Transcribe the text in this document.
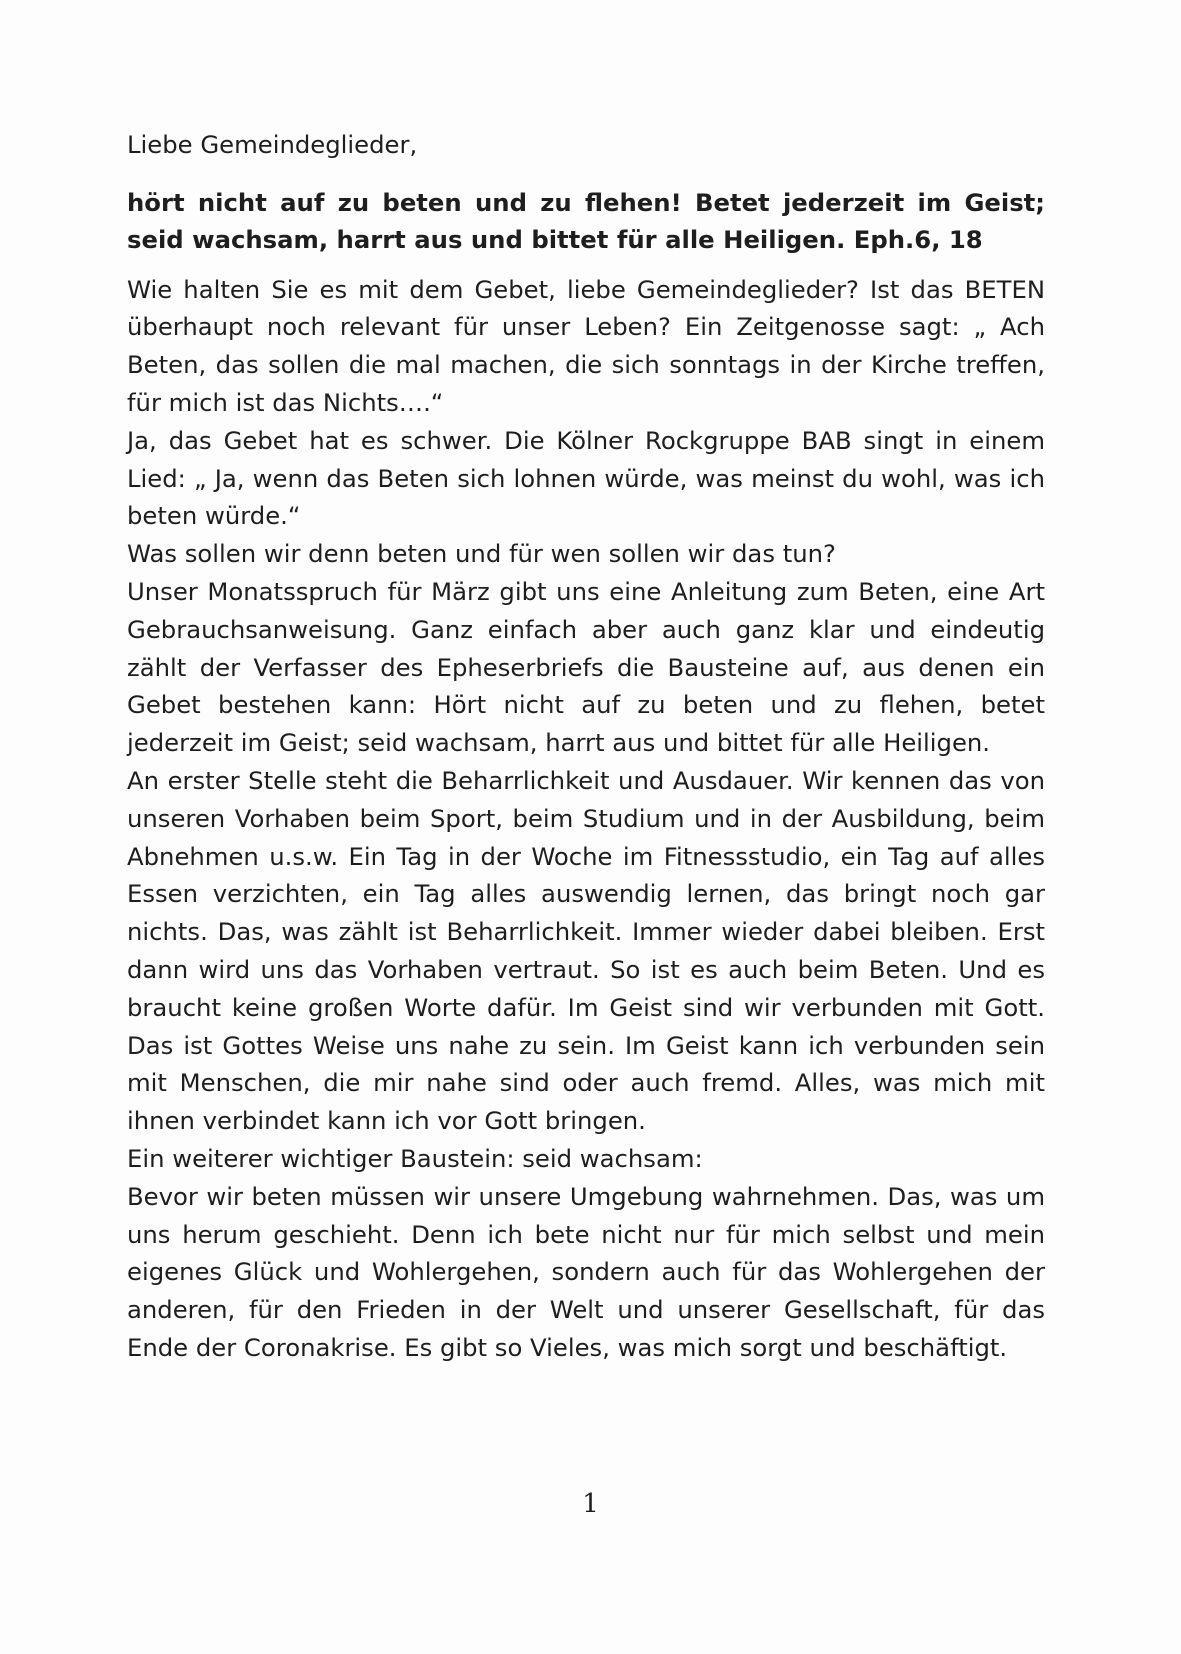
Liebe Gemeindeglieder,

hört nicht auf zu beten und zu flehen! Betet jederzeit im Geist; seid wachsam, harrt aus und bittet für alle Heiligen. Eph.6, 18

Wie halten Sie es mit dem Gebet, liebe Gemeindeglieder? Ist das BETEN überhaupt noch relevant für unser Leben? Ein Zeitgenosse sagt: „ Ach Beten, das sollen die mal machen, die sich sonntags in der Kirche treffen, für mich ist das Nichts….“

Ja, das Gebet hat es schwer. Die Kölner Rockgruppe BAB singt in einem Lied: „ Ja, wenn das Beten sich lohnen würde, was meinst du wohl, was ich beten würde.“

Was sollen wir denn beten und für wen sollen wir das tun?

Unser Monatsspruch für März gibt uns eine Anleitung zum Beten, eine Art Gebrauchsanweisung. Ganz einfach aber auch ganz klar und eindeutig zählt der Verfasser des Epheserbriefs die Bausteine auf, aus denen ein Gebet bestehen kann: Hört nicht auf zu beten und zu flehen, betet jederzeit im Geist; seid wachsam, harrt aus und bittet für alle Heiligen.

An erster Stelle steht die Beharrlichkeit und Ausdauer. Wir kennen das von unseren Vorhaben beim Sport, beim Studium und in der Ausbildung, beim Abnehmen u.s.w. Ein Tag in der Woche im Fitnessstudio, ein Tag auf alles Essen verzichten, ein Tag alles auswendig lernen, das bringt noch gar nichts. Das, was zählt ist Beharrlichkeit. Immer wieder dabei bleiben. Erst dann wird uns das Vorhaben vertraut. So ist es auch beim Beten. Und es braucht keine großen Worte dafür. Im Geist sind wir verbunden mit Gott. Das ist Gottes Weise uns nahe zu sein. Im Geist kann ich verbunden sein mit Menschen, die mir nahe sind oder auch fremd. Alles, was mich mit ihnen verbindet kann ich vor Gott bringen.

Ein weiterer wichtiger Baustein: seid wachsam:

Bevor wir beten müssen wir unsere Umgebung wahrnehmen. Das, was um uns herum geschieht. Denn ich bete nicht nur für mich selbst und mein eigenes Glück und Wohlergehen, sondern auch für das Wohlergehen der anderen, für den Frieden in der Welt und unserer Gesellschaft, für das Ende der Coronakrise. Es gibt so Vieles, was mich sorgt und beschäftigt.

1
